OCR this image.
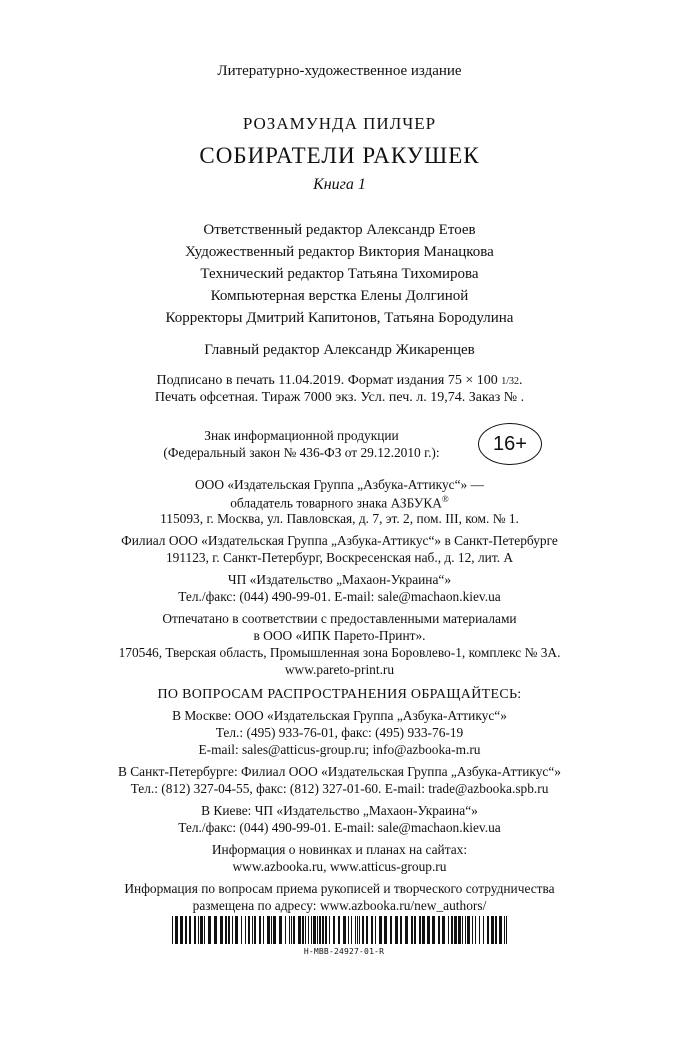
Литературно-художественное издание
РОЗАМУНДА ПИЛЧЕР
СОБИРАТЕЛИ РАКУШЕК
Книга 1
Ответственный редактор Александр Етоев
Художественный редактор Виктория Манацкова
Технический редактор Татьяна Тихомирова
Компьютерная верстка Елены Долгиной
Корректоры Дмитрий Капитонов, Татьяна Бородулина
Главный редактор Александр Жикаренцев
Подписано в печать 11.04.2019. Формат издания 75 × 100 1/32.
Печать офсетная. Тираж 7000 экз. Усл. печ. л. 19,74. Заказ № .
Знак информационной продукции
(Федеральный закон № 436-ФЗ от 29.12.2010 г.):	16+
ООО «Издательская Группа „Азбука-Аттикус“» —
обладатель товарного знака АЗБУКА®
115093, г. Москва, ул. Павловская, д. 7, эт. 2, пом. III, ком. № 1.
Филиал ООО «Издательская Группа „Азбука-Аттикус“» в Санкт-Петербурге
191123, г. Санкт-Петербург, Воскресенская наб., д. 12, лит. А
ЧП «Издательство „Махаон-Украина“»
Тел./факс: (044) 490-99-01. E-mail: sale@machaon.kiev.ua
Отпечатано в соответствии с предоставленными материалами
в ООО «ИПК Парето-Принт».
170546, Тверская область, Промышленная зона Боровлево-1, комплекс № 3А.
www.pareto-print.ru
ПО ВОПРОСАМ РАСПРОСТРАНЕНИЯ ОБРАЩАЙТЕСЬ:
В Москве: ООО «Издательская Группа „Азбука-Аттикус“»
Тел.: (495) 933-76-01, факс: (495) 933-76-19
E-mail: sales@atticus-group.ru; info@azbooka-m.ru
В Санкт-Петербурге: Филиал ООО «Издательская Группа „Азбука-Аттикус“»
Тел.: (812) 327-04-55, факс: (812) 327-01-60. E-mail: trade@azbooka.spb.ru
В Киеве: ЧП «Издательство „Махаон-Украина“»
Тел./факс: (044) 490-99-01. E-mail: sale@machaon.kiev.ua
Информация о новинках и планах на сайтах:
www.azbooka.ru, www.atticus-group.ru
Информация по вопросам приема рукописей и творческого сотрудничества
размещена по адресу: www.azbooka.ru/new_authors/
H-MBB-24927-01-R
